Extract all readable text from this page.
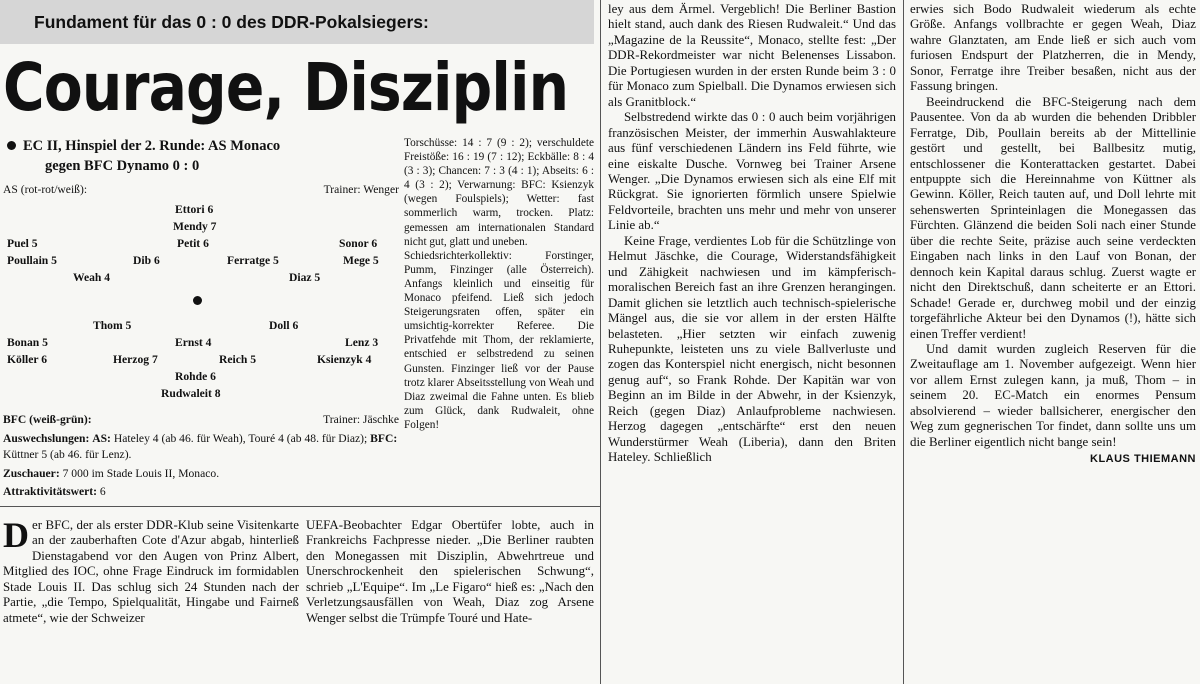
Fundament für das 0 : 0 des DDR-Pokalsiegers:
Courage, Disziplin
EC II, Hinspiel der 2. Runde: AS Monaco
gegen BFC Dynamo 0 : 0
AS (rot-rot/weiß):	Trainer: Wenger
Ettori 6
Mendy 7
Puel 5	Petit 6	Sonor 6
Poullain 5	Dib 6	Ferratge 5	Mege 5
Weah 4	Diaz 5
Thom 5	Doll 6
Bonan 5	Ernst 4	Lenz 3
Köller 6	Herzog 7	Reich 5	Ksienzyk 4
Rohde 6
Rudwaleit 8
BFC (weiß-grün):	Trainer: Jäschke
Auswechslungen: AS: Hateley 4 (ab 46. für Weah), Touré 4 (ab 48. für Diaz); BFC: Küttner 5 (ab 46. für Lenz).
Zuschauer: 7 000 im Stade Louis II, Monaco.
Attraktivitätswert: 6

Torschüsse: 14 : 7 (9 : 2); verschuldete Freistöße: 16 : 19 (7 : 12); Eckbälle: 8 : 4 (3 : 3); Chancen: 7 : 3 (4 : 1); Abseits: 6 : 4 (3 : 2); Verwarnung: BFC: Ksienzyk (wegen Foulspiels); Wetter: fast sommerlich warm, trocken. Platz: gemessen am internationalen Standard nicht gut, glatt und uneben.

Schiedsrichterkollektiv: Forstinger, Pumm, Finzinger (alle Österreich). Anfangs kleinlich und einseitig für Monaco pfeifend. Ließ sich jedoch Steigerungsraten offen, später ein umsichtig-korrekter Referee. Die Privatfehde mit Thom, der reklamierte, entschied er selbstredend zu seinen Gunsten. Finzinger ließ vor der Pause trotz klarer Abseitsstellung von Weah und Diaz zweimal die Fahne unten. Es blieb zum Glück, dank Rudwaleit, ohne Folgen!

Der BFC, der als erster DDR-Klub seine Visitenkarte an der zauberhaften Cote d'Azur abgab, hinterließ Dienstagabend vor den Augen von Prinz Albert, Mitglied des IOC, ohne Frage Eindruck im formidablen Stade Louis II. Das schlug sich 24 Stunden nach der Partie, „die Tempo, Spielqualität, Hingabe und Fairneß atmete“, wie der Schweizer

UEFA-Beobachter Edgar Obertüfer lobte, auch in Frankreichs Fachpresse nieder. „Die Berliner raubten den Monegassen mit Disziplin, Abwehrtreue und Unerschrockenheit den spielerischen Schwung“, schrieb „L'Equipe“. Im „Le Figaro“ hieß es: „Nach den Verletzungsausfällen von Weah, Diaz zog Arsene Wenger selbst die Trümpfe Touré und Hate-

ley aus dem Ärmel. Vergeblich! Die Berliner Bastion hielt stand, auch dank des Riesen Rudwaleit.“ Und das „Magazine de la Reussite“, Monaco, stellte fest: „Der DDR-Rekordmeister war nicht Belenenses Lissabon. Die Portugiesen wurden in der ersten Runde beim 3 : 0 für Monaco zum Spielball. Die Dynamos erwiesen sich als Granitblock.“

Selbstredend wirkte das 0 : 0 auch beim vorjährigen französischen Meister, der immerhin Auswahlakteure aus fünf verschiedenen Ländern ins Feld führte, wie eine eiskalte Dusche. Vornweg bei Trainer Arsene Wenger. „Die Dynamos erwiesen sich als eine Elf mit Rückgrat. Sie ignorierten förmlich unsere Spielwie Feldvorteile, brachten uns mehr und mehr von unserer Linie ab.“

Keine Frage, verdientes Lob für die Schützlinge von Helmut Jäschke, die Courage, Widerstandsfähigkeit und Zähigkeit nachwiesen und im kämpferisch-moralischen Bereich fast an ihre Grenzen herangingen. Damit glichen sie letztlich auch technisch-spielerische Mängel aus, die sie vor allem in der ersten Hälfte belasteten. „Hier setzten wir einfach zuwenig Ruhepunkte, leisteten uns zu viele Ballverluste und zogen das Konterspiel nicht energisch, nicht besonnen genug auf“, so Frank Rohde. Der Kapitän war von Beginn an im Bilde in der Abwehr, in der Ksienzyk, Reich (gegen Diaz) Anlaufprobleme nachwiesen. Herzog dagegen „entschärfte“ erst den neuen Wunderstürmer Weah (Liberia), dann den Briten Hateley. Schließlich

erwies sich Bodo Rudwaleit wiederum als echte Größe. Anfangs vollbrachte er gegen Weah, Diaz wahre Glanztaten, am Ende ließ er sich auch vom furiosen Endspurt der Platzherren, die in Mendy, Sonor, Ferratge ihre Treiber besaßen, nicht aus der Fassung bringen.

Beeindruckend die BFC-Steigerung nach dem Pausentee. Von da ab wurden die behenden Dribbler Ferratge, Dib, Poullain bereits ab der Mittellinie gestört und gestellt, bei Ballbesitz mutig, entschlossener die Konterattacken gestartet. Dabei entpuppte sich die Hereinnahme von Küttner als Gewinn. Köller, Reich tauten auf, und Doll lehrte mit sehenswerten Sprinteinlagen die Monegassen das Fürchten. Glänzend die beiden Soli nach einer Stunde über die rechte Seite, präzise auch seine verdeckten Eingaben nach links in den Lauf von Bonan, der dennoch kein Kapital daraus schlug. Zuerst wagte er nicht den Direktschuß, dann scheiterte er an Ettori. Schade! Gerade er, durchweg mobil und der einzig torgefährliche Akteur bei den Dynamos (!), hätte sich einen Treffer verdient!

Und damit wurden zugleich Reserven für die Zweitauflage am 1. November aufgezeigt. Wenn hier vor allem Ernst zulegen kann, ja muß, Thom – in seinem 20. EC-Match ein enormes Pensum absolvierend – wieder ballsicherer, energischer den Weg zum gegnerischen Tor findet, dann sollte uns um die Berliner eigentlich nicht bange sein!

KLAUS THIEMANN
